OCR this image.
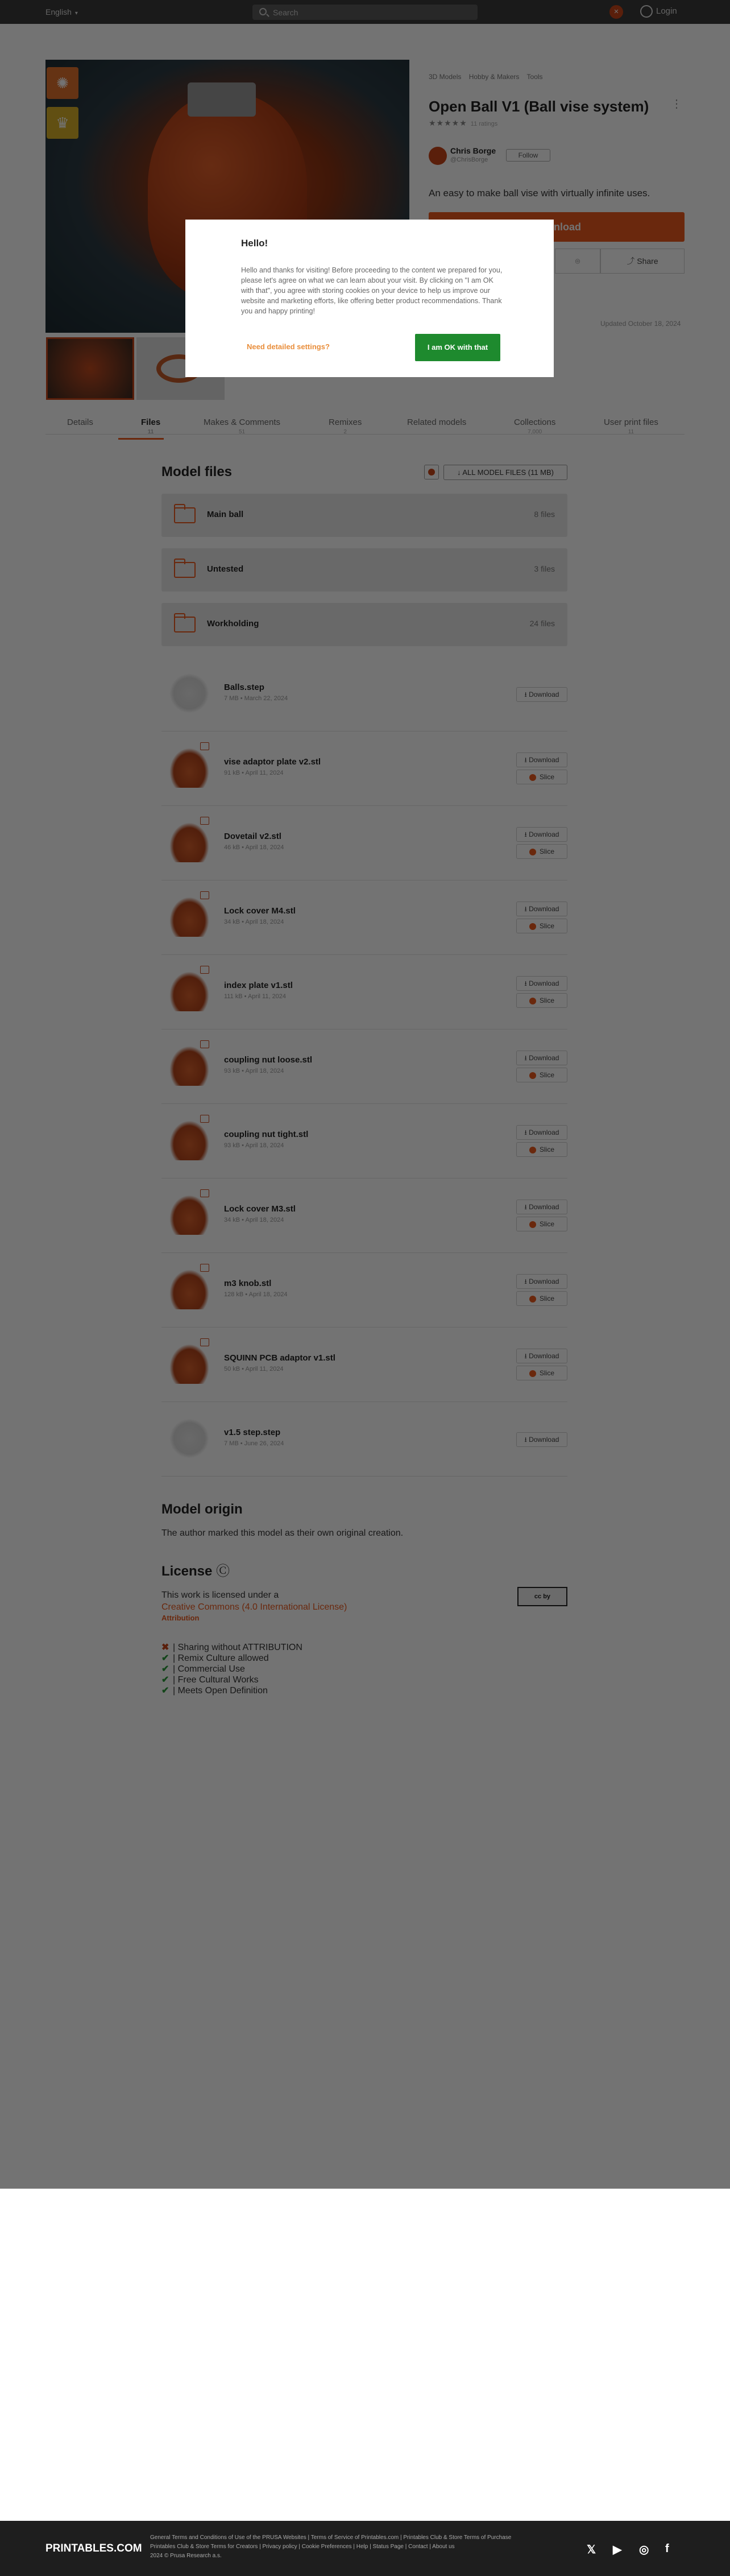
Hello!
Hello and thanks for visiting! Before proceeding to the content we prepared for you, please let's agree on what we can learn about your visit. By clicking on "I am OK with that", you agree with storing cookies on your device to help us improve our website and marketing efforts, like offering better product recommendations. Thank you and happy printing!
Need detailed settings?	I am OK with that
PRINTABLES.COM
General Terms and Conditions of Use of the PRUSA Websites | Terms of Service of Printables.com | Printables Club & Store Terms of Purchase
Printables Club & Store Terms for Creators | Privacy policy | Cookie Preferences | Help | Status Page | Contact | About us
2024 © Prusa Research a.s.	𝕏 ▶ ◎ f
